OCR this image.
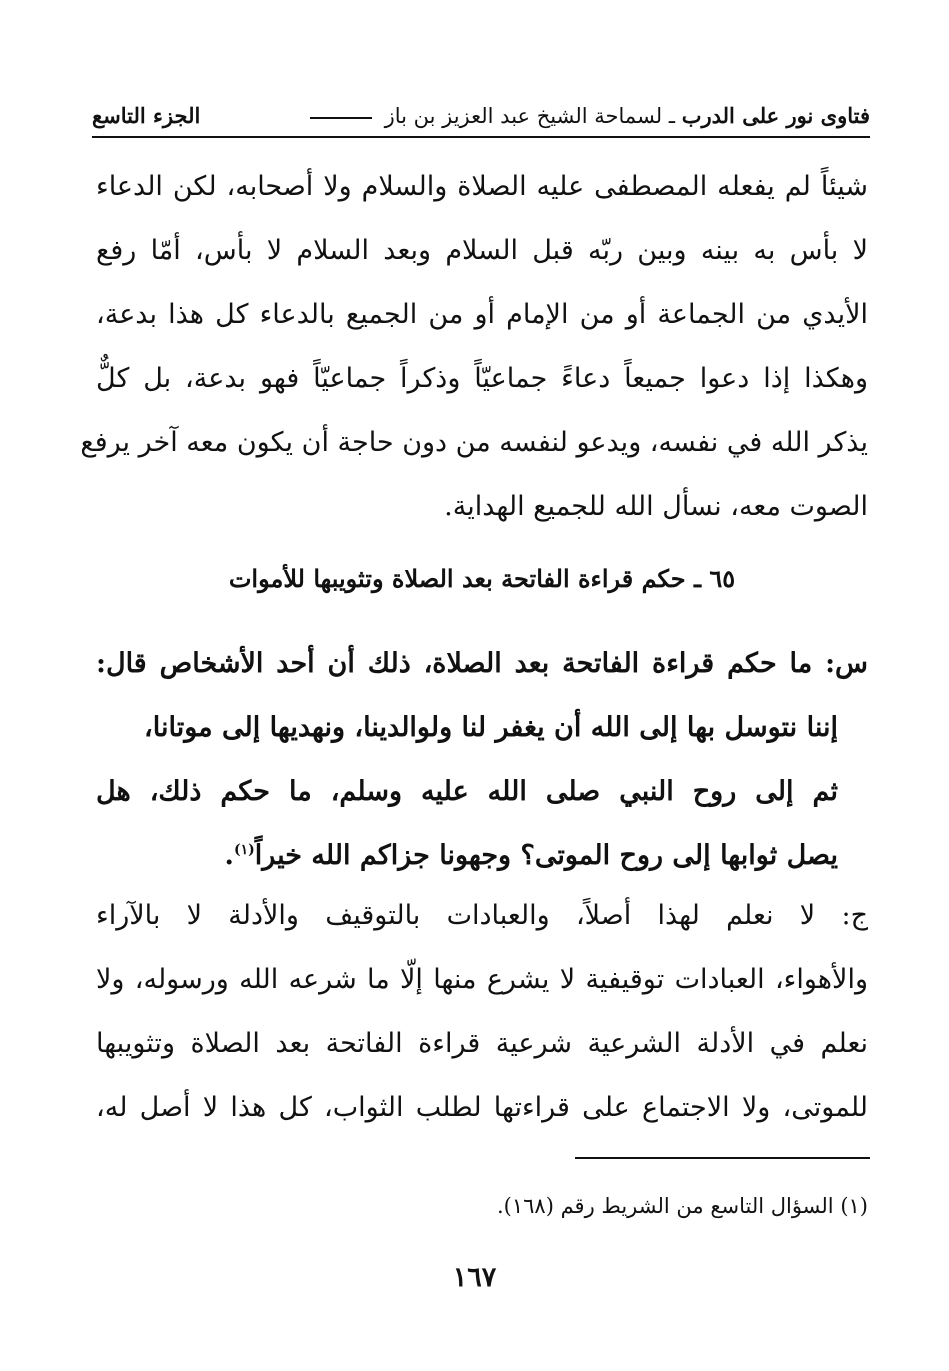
فتاوى نور على الدرب ـ لسماحة الشيخ عبد العزيز بن باز
الجزء التاسع
شيئاً لم يفعله المصطفى عليه الصلاة والسلام ولا أصحابه، لكن الدعاء
لا بأس به بينه وبين ربّه قبل السلام وبعد السلام لا بأس، أمّا رفع
الأيدي من الجماعة أو من الإمام أو من الجميع بالدعاء كل هذا بدعة،
وهكذا إذا دعوا جميعاً دعاءً جماعيّاً وذكراً جماعيّاً فهو بدعة، بل كلٌّ
يذكر الله في نفسه، ويدعو لنفسه من دون حاجة أن يكون معه آخر يرفع
الصوت معه، نسأل الله للجميع الهداية.
٦٥ ـ حكم قراءة الفاتحة بعد الصلاة وتثويبها للأموات
س: ما حكم قراءة الفاتحة بعد الصلاة، ذلك أن أحد الأشخاص قال:
إننا نتوسل بها إلى الله أن يغفر لنا ولوالدينا، ونهديها إلى موتانا،
ثم إلى روح النبي صلى الله عليه وسلم، ما حكم ذلك، هل
يصل ثوابها إلى روح الموتى؟ وجهونا جزاكم الله خيراً$^{(١)}$.
ج: لا نعلم لهذا أصلاً، والعبادات بالتوقيف والأدلة لا بالآراء
والأهواء، العبادات توقيفية لا يشرع منها إلّا ما شرعه الله ورسوله، ولا
نعلم في الأدلة الشرعية شرعية قراءة الفاتحة بعد الصلاة وتثويبها
للموتى، ولا الاجتماع على قراءتها لطلب الثواب، كل هذا لا أصل له،
(١) السؤال التاسع من الشريط رقم (١٦٨).
١٦٧
